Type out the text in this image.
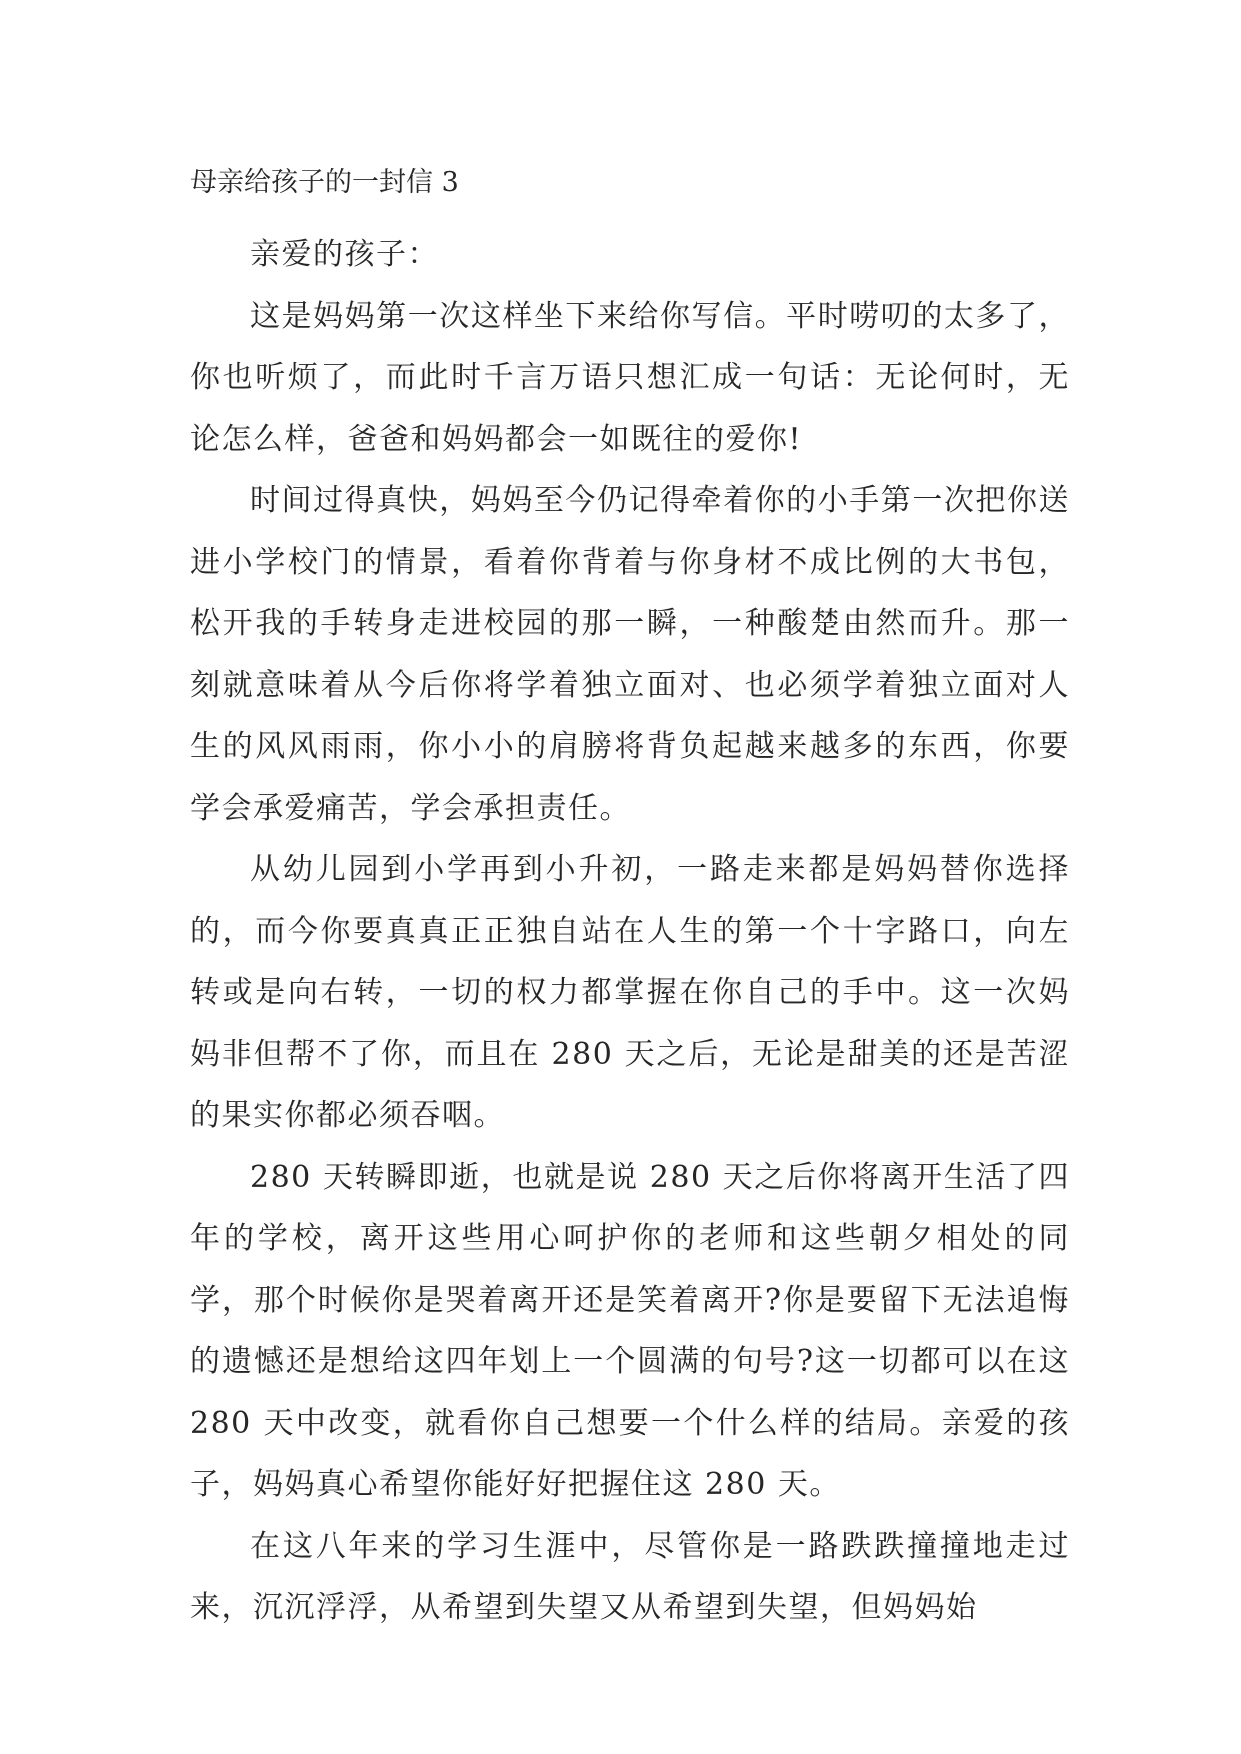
母亲给孩子的一封信 3

亲爱的孩子：

这是妈妈第一次这样坐下来给你写信。平时唠叨的太多了，你也听烦了，而此时千言万语只想汇成一句话：无论何时，无论怎么样，爸爸和妈妈都会一如既往的爱你!

时间过得真快，妈妈至今仍记得牵着你的小手第一次把你送进小学校门的情景，看着你背着与你身材不成比例的大书包，松开我的手转身走进校园的那一瞬，一种酸楚由然而升。那一刻就意味着从今后你将学着独立面对、也必须学着独立面对人生的风风雨雨，你小小的肩膀将背负起越来越多的东西，你要学会承爱痛苦，学会承担责任。

从幼儿园到小学再到小升初，一路走来都是妈妈替你选择的，而今你要真真正正独自站在人生的第一个十字路口，向左转或是向右转，一切的权力都掌握在你自己的手中。这一次妈妈非但帮不了你，而且在 280 天之后，无论是甜美的还是苦涩的果实你都必须吞咽。

280 天转瞬即逝，也就是说 280 天之后你将离开生活了四年的学校，离开这些用心呵护你的老师和这些朝夕相处的同学，那个时候你是哭着离开还是笑着离开?你是要留下无法追悔的遗憾还是想给这四年划上一个圆满的句号?这一切都可以在这 280 天中改变，就看你自己想要一个什么样的结局。亲爱的孩子，妈妈真心希望你能好好把握住这 280 天。

在这八年来的学习生涯中，尽管你是一路跌跌撞撞地走过来，沉沉浮浮，从希望到失望又从希望到失望，但妈妈始
